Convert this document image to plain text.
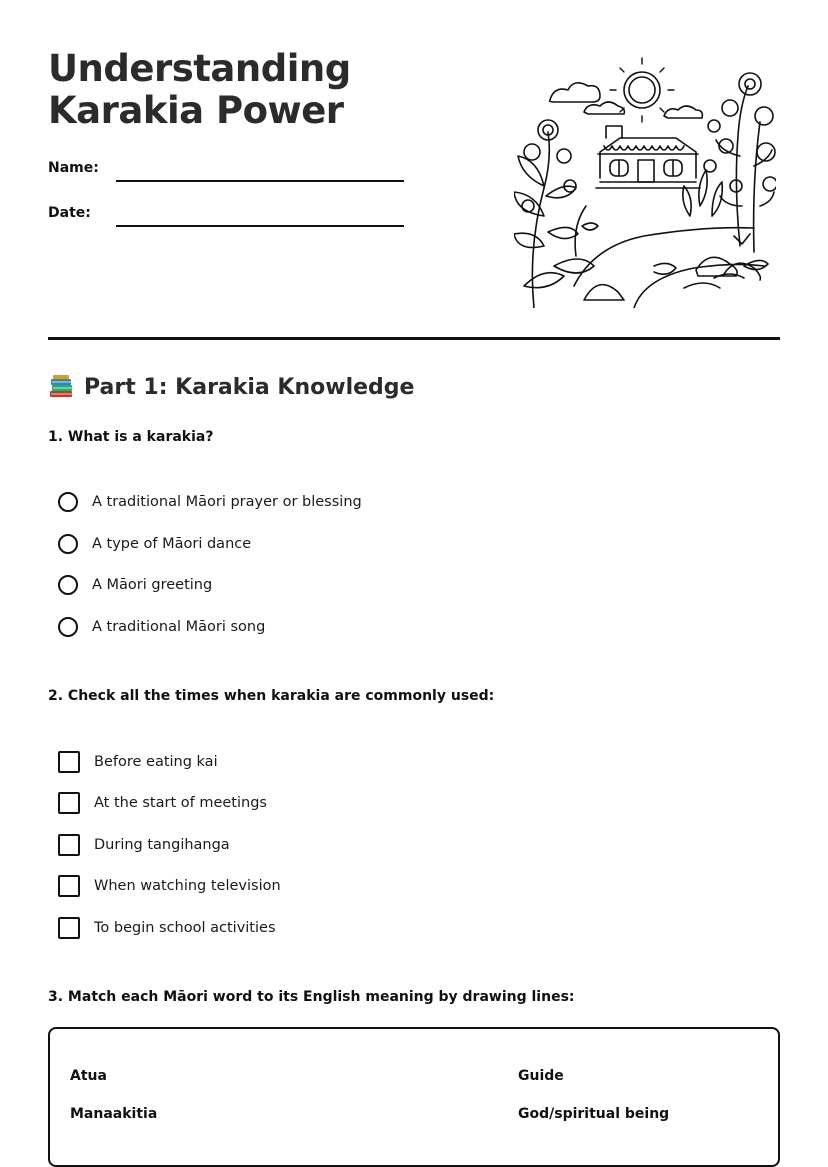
Understanding Karakia Power
Name:
Date:
Part 1: Karakia Knowledge
1. What is a karakia?
A traditional Māori prayer or blessing
A type of Māori dance
A Māori greeting
A traditional Māori song
2. Check all the times when karakia are commonly used:
Before eating kai
At the start of meetings
During tangihanga
When watching television
To begin school activities
3. Match each Māori word to its English meaning by drawing lines:
Atua
Manaakitia
Guide
God/spiritual being
